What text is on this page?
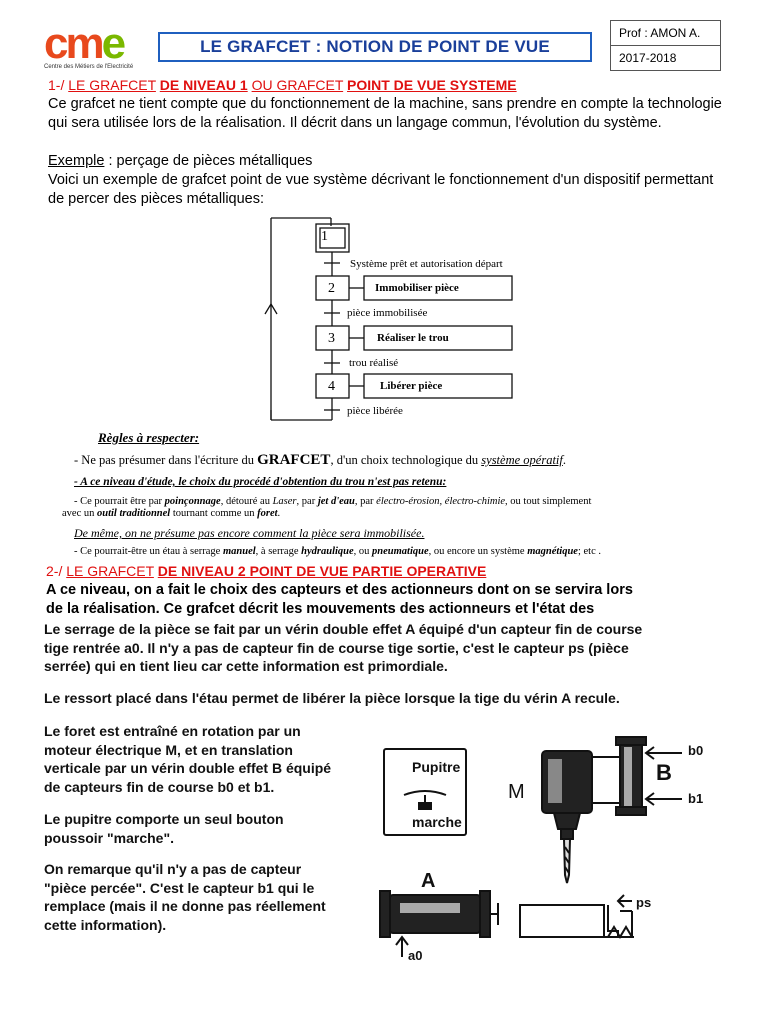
cme
Centre des Métiers de l'Electricité
LE GRAFCET : NOTION DE POINT DE VUE
Prof : AMON A.
2017-2018
1-/ LE GRAFCET DE NIVEAU 1 OU GRAFCET POINT DE VUE SYSTEME
Ce grafcet ne tient compte que du fonctionnement de la machine, sans prendre en compte la technologie qui sera utilisée lors de la réalisation. Il décrit dans un langage commun, l'évolution du système.
Exemple : perçage de pièces métalliques
Voici un exemple de grafcet point de vue système décrivant le fonctionnement d'un dispositif permettant de percer des pièces métalliques:
1
2
3
4
Immobiliser pièce
Réaliser le trou
Libérer pièce
Système prêt et autorisation départ
pièce immobilisée
trou réalisé
pièce libérée
Règles à respecter:
- Ne pas présumer dans l'écriture du GRAFCET, d'un choix technologique du système opératif.
- A ce niveau d'étude, le choix du procédé d'obtention du trou n'est pas retenu:
- Ce pourrait être par poinçonnage, détouré au Laser, par jet d'eau, par électro-érosion, électro-chimie, ou tout simplement
avec un outil traditionnel tournant comme un foret.
De même, on ne présume pas encore comment la pièce sera immobilisée.
- Ce pourrait-être un étau à serrage manuel, à serrage hydraulique, ou pneumatique, ou encore un système magnétique; etc .
2-/ LE GRAFCET DE NIVEAU 2 POINT DE VUE PARTIE OPERATIVE
A ce niveau, on a fait le choix des capteurs et des actionneurs dont on se servira lors
de la réalisation. Ce grafcet décrit les mouvements des actionneurs et l'état des
Le serrage de la pièce se fait par un vérin double effet A équipé d'un capteur fin de course
tige rentrée a0. Il n'y a pas de capteur fin de course tige sortie, c'est le capteur ps (pièce
serrée) qui en tient lieu car cette information est primordiale.
Le ressort placé dans l'étau permet de libérer la pièce lorsque la tige du vérin A recule.
Le foret est entraîné en rotation par un
moteur électrique M, et en translation
verticale par un vérin double effet B équipé
de capteurs fin de course b0 et b1.
Le pupitre comporte un seul bouton
poussoir "marche".
On remarque qu'il n'y a pas de capteur
"pièce percée". C'est le capteur b1 qui le
remplace (mais il ne donne pas réellement
cette information).
Pupitre
marche
M
B
b0
b1
A
a0
ps
